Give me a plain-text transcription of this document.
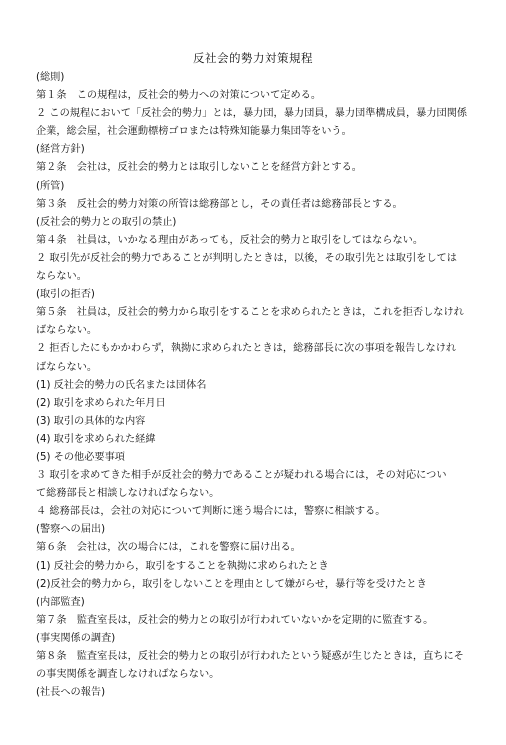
反社会的勢力対策規程
(総則)
第１条　この規程は，反社会的勢力への対策について定める。
２ この規程において「反社会的勢力」とは，暴力団，暴力団員，暴力団準構成員，暴力団関係
企業，総会屋，社会運動標榜ゴロまたは特殊知能暴力集団等をいう。
(経営方針)
第２条　会社は，反社会的勢力とは取引しないことを経営方針とする。
(所管)
第３条　反社会的勢力対策の所管は総務部とし，その責任者は総務部長とする。
(反社会的勢力との取引の禁止)
第４条　社員は，いかなる理由があっても，反社会的勢力と取引をしてはならない。
２ 取引先が反社会的勢力であることが判明したときは，以後，その取引先とは取引をしては
ならない。
(取引の拒否)
第５条　社員は，反社会的勢力から取引をすることを求められたときは，これを拒否しなけれ
ばならない。
２ 拒否したにもかかわらず，執拗に求められたときは，総務部長に次の事項を報告しなけれ
ばならない。
(1) 反社会的勢力の氏名または団体名
(2) 取引を求められた年月日
(3) 取引の具体的な内容
(4) 取引を求められた経緯
(5) その他必要事項
３ 取引を求めてきた相手が反社会的勢力であることが疑われる場合には，その対応につい
て総務部長と相談しなければならない。
４ 総務部長は，会社の対応について判断に迷う場合には，警察に相談する。
(警察への届出)
第６条　会社は，次の場合には，これを警察に届け出る。
(1) 反社会的勢力から，取引をすることを執拗に求められたとき
(2)反社会的勢力から，取引をしないことを理由として嫌がらせ，暴行等を受けたとき
(内部監査)
第７条　監査室長は，反社会的勢力との取引が行われていないかを定期的に監査する。
(事実関係の調査)
第８条　監査室長は，反社会的勢力との取引が行われたという疑惑が生じたときは，直ちにそ
の事実関係を調査しなければならない。
(社長への報告)
